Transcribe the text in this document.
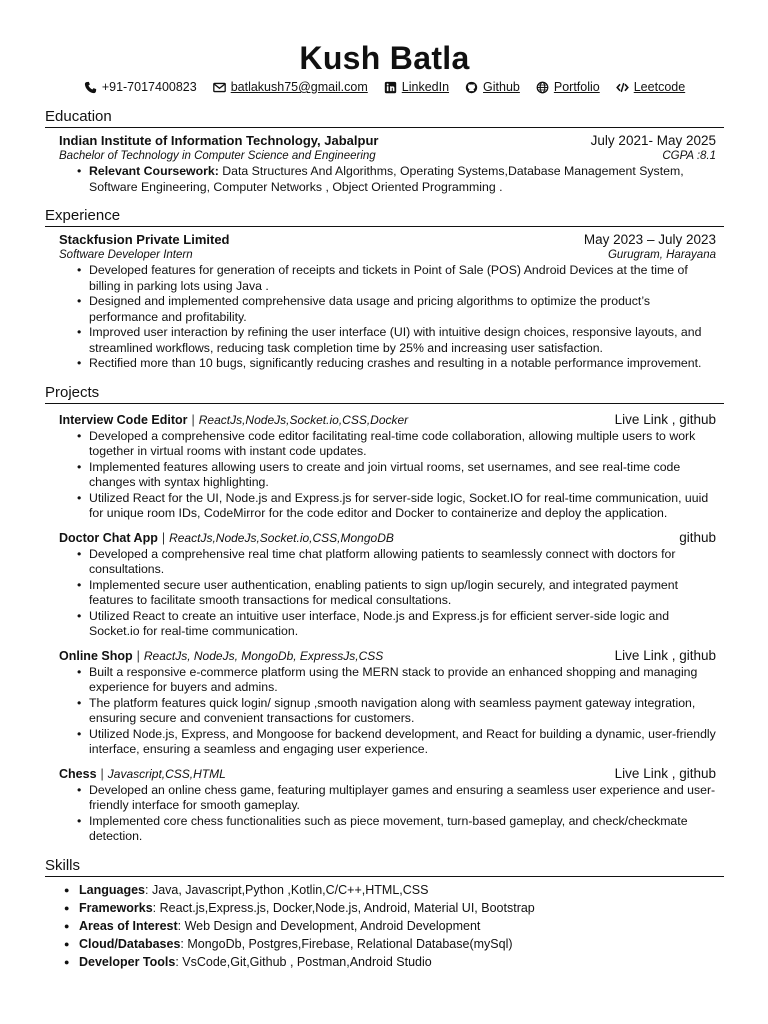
Kush Batla
+91-7017400823	batlakush75@gmail.com	LinkedIn	Github	Portfolio	Leetcode
Education
Indian Institute of Information Technology, Jabalpur	July 2021- May 2025
Bachelor of Technology in Computer Science and Engineering	CGPA :8.1
• Relevant Coursework: Data Structures And Algorithms, Operating Systems,Database Management System, Software Engineering, Computer Networks , Object Oriented Programming .
Experience
Stackfusion Private Limited	May 2023 – July 2023
Software Developer Intern	Gurugram, Harayana
• Developed features for generation of receipts and tickets in Point of Sale (POS) Android Devices at the time of billing in parking lots using Java .
• Designed and implemented comprehensive data usage and pricing algorithms to optimize the product’s performance and profitability.
• Improved user interaction by refining the user interface (UI) with intuitive design choices, responsive layouts, and streamlined workflows, reducing task completion time by 25% and increasing user satisfaction.
• Rectified more than 10 bugs, significantly reducing crashes and resulting in a notable performance improvement.
Projects
Interview Code Editor | ReactJs,NodeJs,Socket.io,CSS,Docker	Live Link , github
• Developed a comprehensive code editor facilitating real-time code collaboration, allowing multiple users to work together in virtual rooms with instant code updates.
• Implemented features allowing users to create and join virtual rooms, set usernames, and see real-time code changes with syntax highlighting.
• Utilized React for the UI, Node.js and Express.js for server-side logic, Socket.IO for real-time communication, uuid for unique room IDs, CodeMirror for the code editor and Docker to containerize and deploy the application.
Doctor Chat App | ReactJs,NodeJs,Socket.io,CSS,MongoDB	github
• Developed a comprehensive real time chat platform allowing patients to seamlessly connect with doctors for consultations.
• Implemented secure user authentication, enabling patients to sign up/login securely, and integrated payment features to facilitate smooth transactions for medical consultations.
• Utilized React to create an intuitive user interface, Node.js and Express.js for efficient server-side logic and Socket.io for real-time communication.
Online Shop | ReactJs, NodeJs, MongoDb, ExpressJs,CSS	Live Link , github
• Built a responsive e-commerce platform using the MERN stack to provide an enhanced shopping and managing experience for buyers and admins.
• The platform features quick login/ signup ,smooth navigation along with seamless payment gateway integration, ensuring secure and convenient transactions for customers.
• Utilized Node.js, Express, and Mongoose for backend development, and React for building a dynamic, user-friendly interface, ensuring a seamless and engaging user experience.
Chess | Javascript,CSS,HTML	Live Link , github
• Developed an online chess game, featuring multiplayer games and ensuring a seamless user experience and user-friendly interface for smooth gameplay.
• Implemented core chess functionalities such as piece movement, turn-based gameplay, and check/checkmate detection.
Skills
● Languages: Java, Javascript,Python ,Kotlin,C/C++,HTML,CSS
● Frameworks: React.js,Express.js, Docker,Node.js, Android, Material UI, Bootstrap
● Areas of Interest: Web Design and Development, Android Development
● Cloud/Databases: MongoDb, Postgres,Firebase, Relational Database(mySql)
● Developer Tools: VsCode,Git,Github , Postman,Android Studio
